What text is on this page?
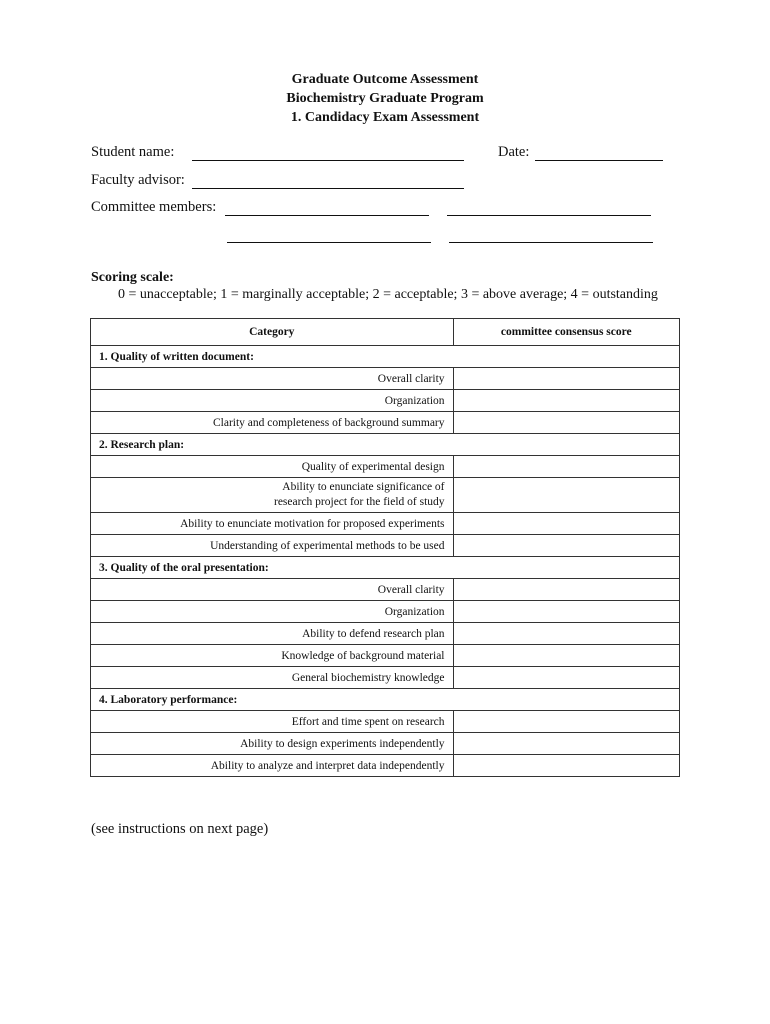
Graduate Outcome Assessment
Biochemistry Graduate Program
1. Candidacy Exam Assessment
Student name:	Date:
Faculty advisor:
Committee members:
Scoring scale:
0 = unacceptable; 1 = marginally acceptable; 2 = acceptable; 3 = above average; 4 = outstanding
Category	committee consensus score
1. Quality of written document:	
Overall clarity	
Organization	
Clarity and completeness of background summary	
2. Research plan:	
Quality of experimental design	

Ability to enunciate significance of research project for the field of study	

Ability to enunciate motivation for proposed experiments	
Understanding of experimental methods to be used	
3. Quality of the oral presentation:	
Overall clarity	
Organization	
Ability to defend research plan	
Knowledge of background material	
General biochemistry knowledge	
4. Laboratory performance:	
Effort and time spent on research	
Ability to design experiments independently	
Ability to analyze and interpret data independently	
(see instructions on next page)
